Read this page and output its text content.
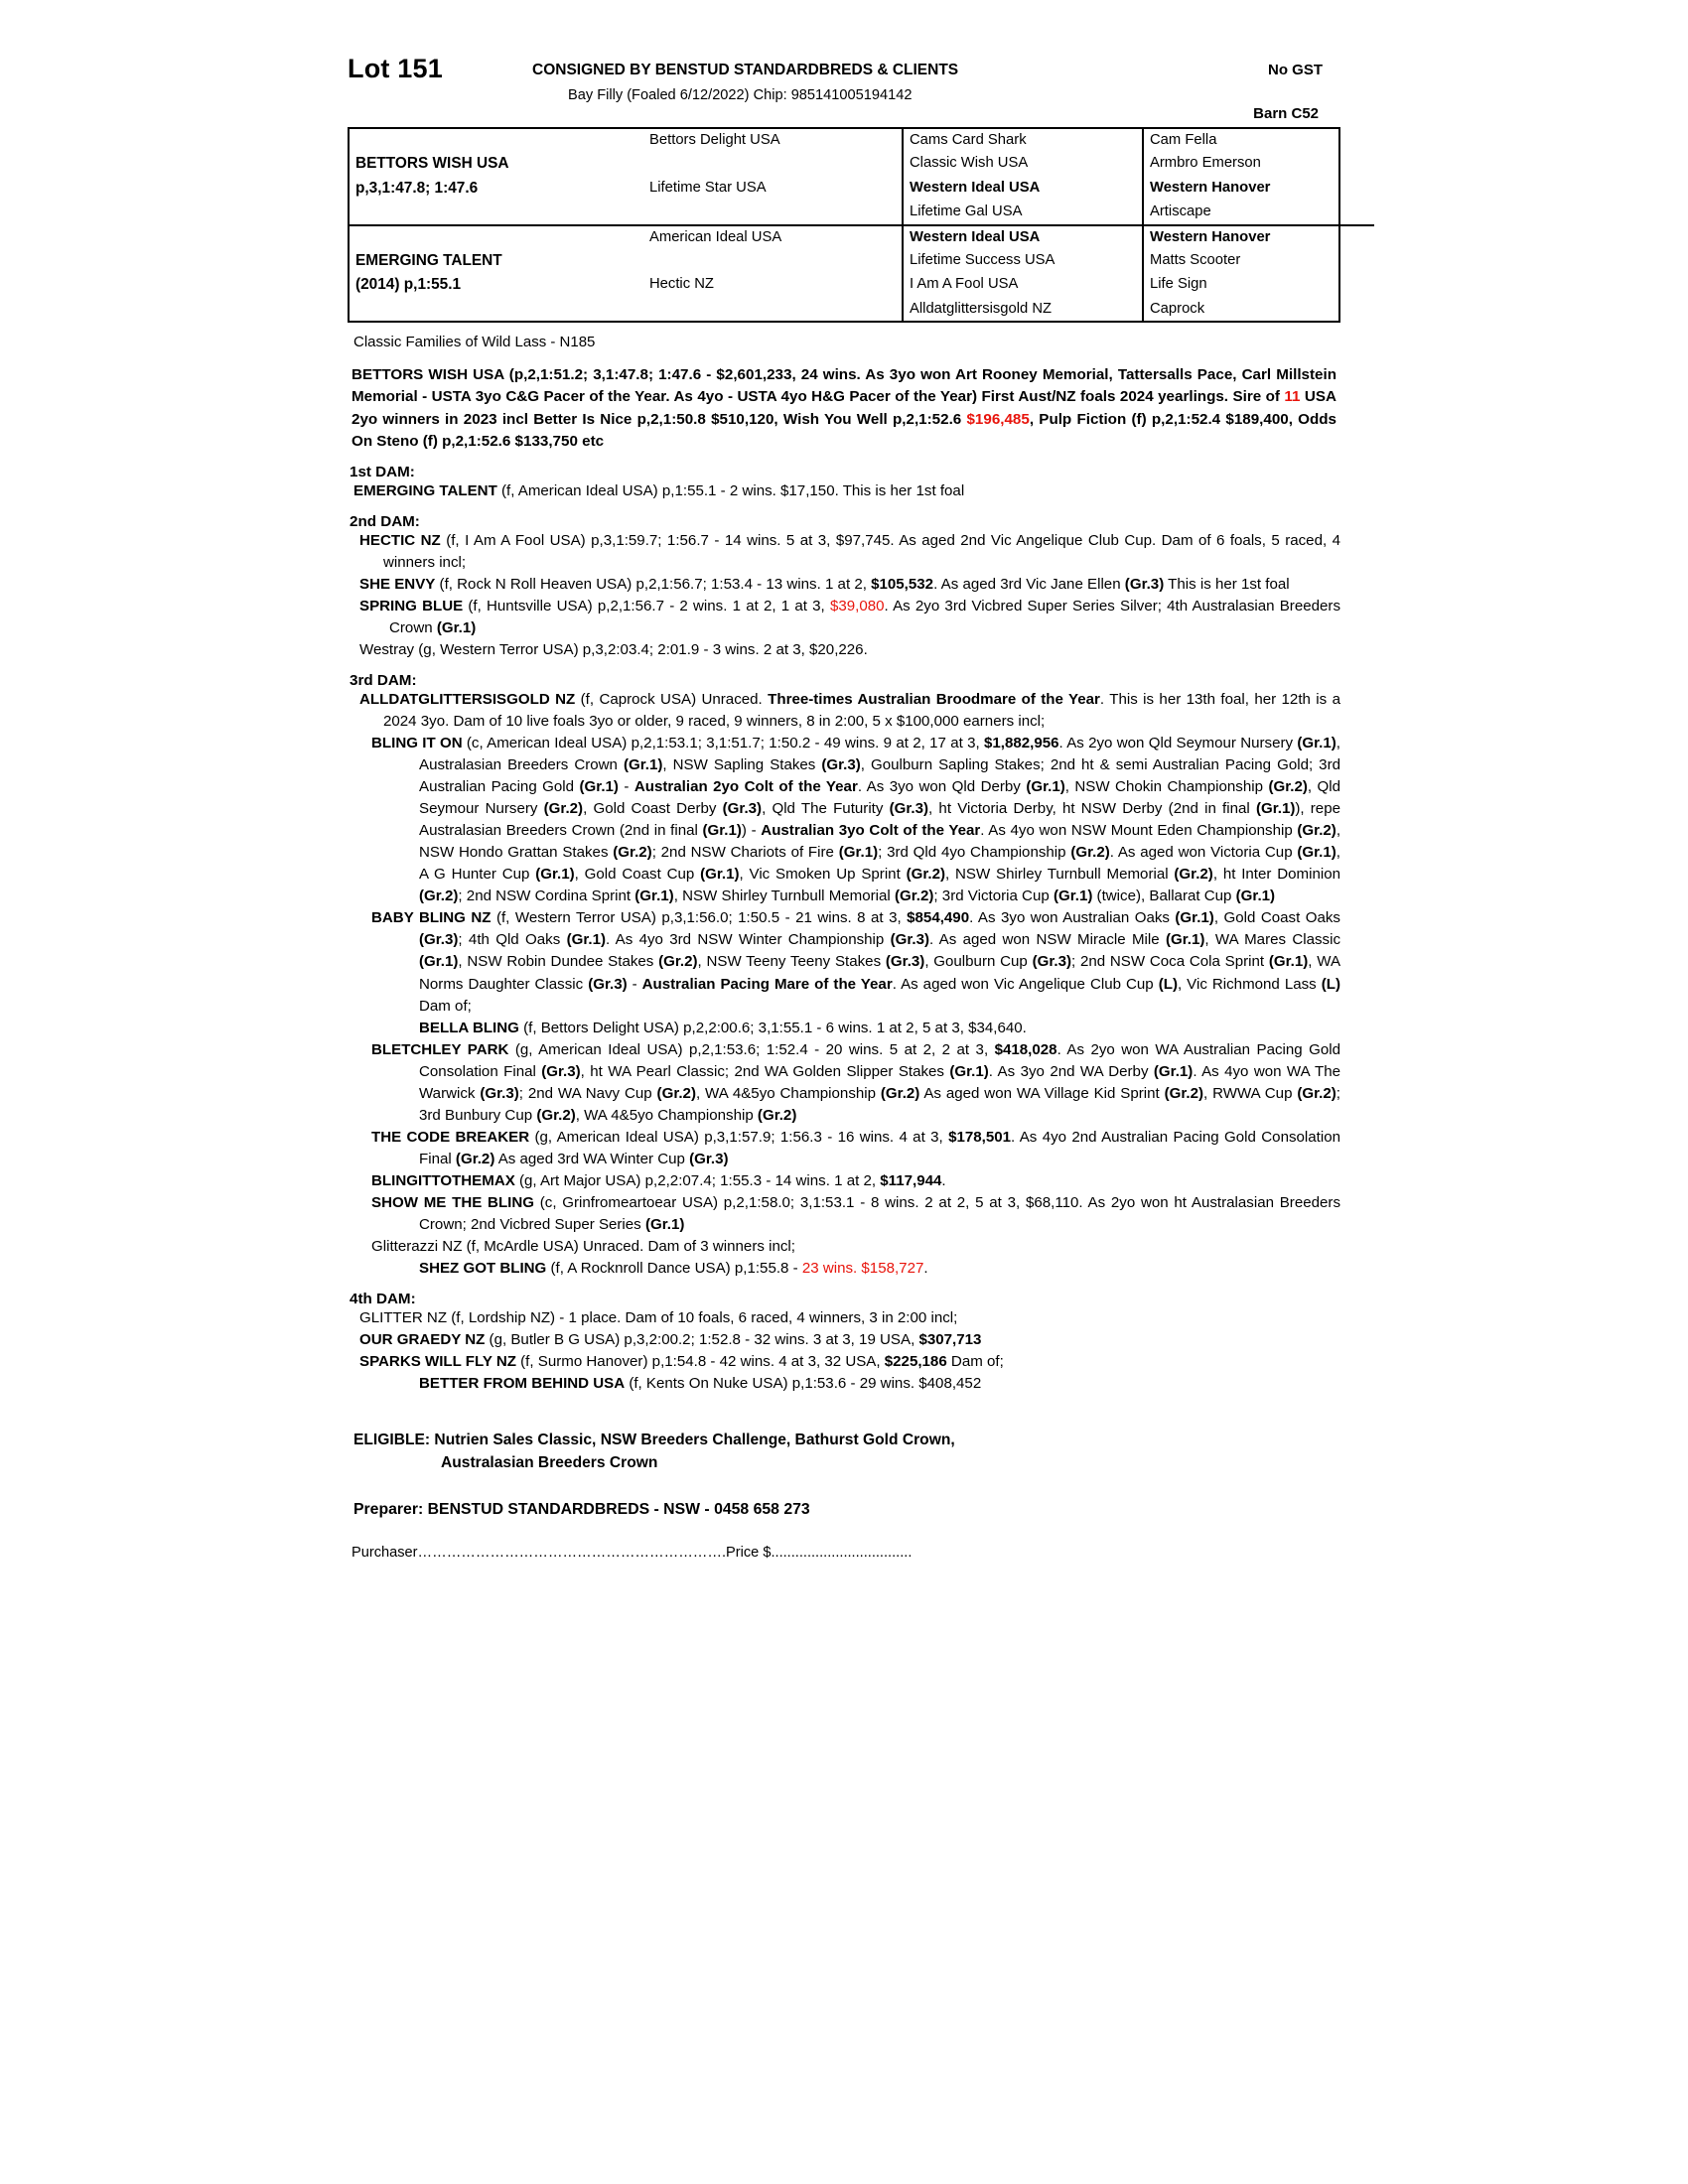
Lot 151	CONSIGNED BY BENSTUD STANDARDBREDS & CLIENTS	No GST
Bay Filly (Foaled 6/12/2022) Chip: 985141005194142
Barn C52
	Bettors Delight USA	Cams Card Shark	Cam Fella
BETTORS WISH USA		Classic Wish USA	Armbro Emerson
p,3,1:47.8; 1:47.6	Lifetime Star USA	Western Ideal USA	Western Hanover
		Lifetime Gal USA	Artiscape
	American Ideal USA	Western Ideal USA	Western Hanover
EMERGING TALENT		Lifetime Success USA	Matts Scooter
(2014) p,1:55.1	Hectic NZ	I Am A Fool USA	Life Sign
		Alldatglittersisgold NZ	Caprock
Classic Families of Wild Lass - N185
BETTORS WISH USA (p,2,1:51.2; 3,1:47.8; 1:47.6 - $2,601,233, 24 wins. As 3yo won Art Rooney Memorial, Tattersalls Pace, Carl Millstein Memorial - USTA 3yo C&G Pacer of the Year. As 4yo - USTA 4yo H&G Pacer of the Year) First Aust/NZ foals 2024 yearlings. Sire of 11 USA 2yo winners in 2023 incl Better Is Nice p,2,1:50.8 $510,120, Wish You Well p,2,1:52.6 $196,485, Pulp Fiction (f) p,2,1:52.4 $189,400, Odds On Steno (f) p,2,1:52.6 $133,750 etc
1st DAM:
EMERGING TALENT (f, American Ideal USA) p,1:55.1 - 2 wins. $17,150. This is her 1st foal
2nd DAM:
HECTIC NZ (f, I Am A Fool USA) p,3,1:59.7; 1:56.7 - 14 wins. 5 at 3, $97,745. As aged 2nd Vic Angelique Club Cup. Dam of 6 foals, 5 raced, 4 winners incl;
SHE ENVY (f, Rock N Roll Heaven USA) p,2,1:56.7; 1:53.4 - 13 wins. 1 at 2, $105,532. As aged 3rd Vic Jane Ellen (Gr.3) This is her 1st foal
SPRING BLUE (f, Huntsville USA) p,2,1:56.7 - 2 wins. 1 at 2, 1 at 3, $39,080. As 2yo 3rd Vicbred Super Series Silver; 4th Australasian Breeders Crown (Gr.1)
Westray (g, Western Terror USA) p,3,2:03.4; 2:01.9 - 3 wins. 2 at 3, $20,226.
3rd DAM:
ALLDATGLITTERSISGOLD NZ (f, Caprock USA) Unraced. Three-times Australian Broodmare of the Year. This is her 13th foal, her 12th is a 2024 3yo. Dam of 10 live foals 3yo or older, 9 raced, 9 winners, 8 in 2:00, 5 x $100,000 earners incl;
BLING IT ON (c, American Ideal USA) p,2,1:53.1; 3,1:51.7; 1:50.2 - 49 wins. 9 at 2, 17 at 3, $1,882,956. As 2yo won Qld Seymour Nursery (Gr.1), Australasian Breeders Crown (Gr.1), NSW Sapling Stakes (Gr.3), Goulburn Sapling Stakes; 2nd ht & semi Australian Pacing Gold; 3rd Australian Pacing Gold (Gr.1) - Australian 2yo Colt of the Year. As 3yo won Qld Derby (Gr.1), NSW Chokin Championship (Gr.2), Qld Seymour Nursery (Gr.2), Gold Coast Derby (Gr.3), Qld The Futurity (Gr.3), ht Victoria Derby, ht NSW Derby (2nd in final (Gr.1)), repe Australasian Breeders Crown (2nd in final (Gr.1)) - Australian 3yo Colt of the Year. As 4yo won NSW Mount Eden Championship (Gr.2), NSW Hondo Grattan Stakes (Gr.2); 2nd NSW Chariots of Fire (Gr.1); 3rd Qld 4yo Championship (Gr.2). As aged won Victoria Cup (Gr.1), A G Hunter Cup (Gr.1), Gold Coast Cup (Gr.1), Vic Smoken Up Sprint (Gr.2), NSW Shirley Turnbull Memorial (Gr.2), ht Inter Dominion (Gr.2); 2nd NSW Cordina Sprint (Gr.1), NSW Shirley Turnbull Memorial (Gr.2); 3rd Victoria Cup (Gr.1) (twice), Ballarat Cup (Gr.1)
BABY BLING NZ (f, Western Terror USA) p,3,1:56.0; 1:50.5 - 21 wins. 8 at 3, $854,490. As 3yo won Australian Oaks (Gr.1), Gold Coast Oaks (Gr.3); 4th Qld Oaks (Gr.1). As 4yo 3rd NSW Winter Championship (Gr.3). As aged won NSW Miracle Mile (Gr.1), WA Mares Classic (Gr.1), NSW Robin Dundee Stakes (Gr.2), NSW Teeny Teeny Stakes (Gr.3), Goulburn Cup (Gr.3); 2nd NSW Coca Cola Sprint (Gr.1), WA Norms Daughter Classic (Gr.3) - Australian Pacing Mare of the Year. As aged won Vic Angelique Club Cup (L), Vic Richmond Lass (L) Dam of;
BELLA BLING (f, Bettors Delight USA) p,2,2:00.6; 3,1:55.1 - 6 wins. 1 at 2, 5 at 3, $34,640.
BLETCHLEY PARK (g, American Ideal USA) p,2,1:53.6; 1:52.4 - 20 wins. 5 at 2, 2 at 3, $418,028. As 2yo won WA Australian Pacing Gold Consolation Final (Gr.3), ht WA Pearl Classic; 2nd WA Golden Slipper Stakes (Gr.1). As 3yo 2nd WA Derby (Gr.1). As 4yo won WA The Warwick (Gr.3); 2nd WA Navy Cup (Gr.2), WA 4&5yo Championship (Gr.2) As aged won WA Village Kid Sprint (Gr.2), RWWA Cup (Gr.2); 3rd Bunbury Cup (Gr.2), WA 4&5yo Championship (Gr.2)
THE CODE BREAKER (g, American Ideal USA) p,3,1:57.9; 1:56.3 - 16 wins. 4 at 3, $178,501. As 4yo 2nd Australian Pacing Gold Consolation Final (Gr.2) As aged 3rd WA Winter Cup (Gr.3)
BLINGITTOTHEMAX (g, Art Major USA) p,2,2:07.4; 1:55.3 - 14 wins. 1 at 2, $117,944.
SHOW ME THE BLING (c, Grinfromeartoear USA) p,2,1:58.0; 3,1:53.1 - 8 wins. 2 at 2, 5 at 3, $68,110. As 2yo won ht Australasian Breeders Crown; 2nd Vicbred Super Series (Gr.1)
Glitterazzi NZ (f, McArdle USA) Unraced. Dam of 3 winners incl;
SHEZ GOT BLING (f, A Rocknroll Dance USA) p,1:55.8 - 23 wins. $158,727.
4th DAM:
GLITTER NZ (f, Lordship NZ) - 1 place. Dam of 10 foals, 6 raced, 4 winners, 3 in 2:00 incl;
OUR GRAEDY NZ (g, Butler B G USA) p,3,2:00.2; 1:52.8 - 32 wins. 3 at 3, 19 USA, $307,713
SPARKS WILL FLY NZ (f, Surmo Hanover) p,1:54.8 - 42 wins. 4 at 3, 32 USA, $225,186 Dam of;
BETTER FROM BEHIND USA (f, Kents On Nuke USA) p,1:53.6 - 29 wins. $408,452
ELIGIBLE: Nutrien Sales Classic, NSW Breeders Challenge, Bathurst Gold Crown,
Australasian Breeders Crown
Preparer: BENSTUD STANDARDBREDS - NSW - 0458 658 273
Purchaser……………………………………………………….Price $...................................
